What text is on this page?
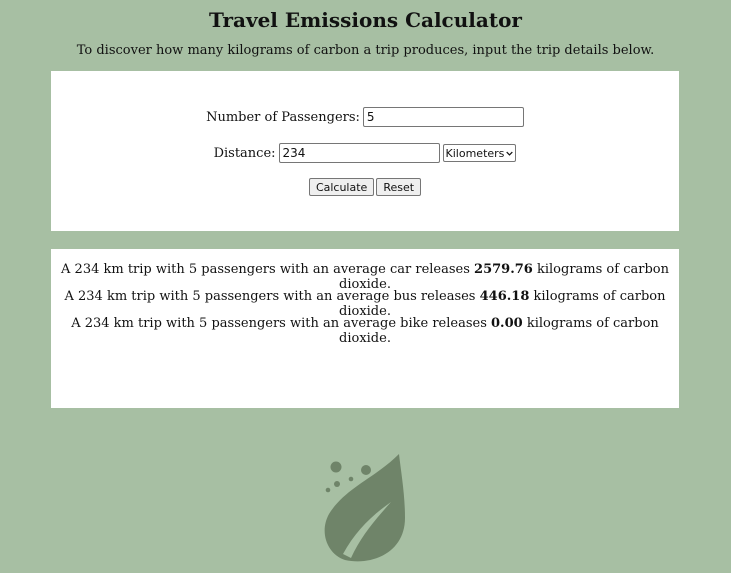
Travel Emissions Calculator

To discover how many kilograms of carbon a trip produces, input the trip details below.

Number of Passengers:
5
Distance:
234	Kilometers
Calculate	Reset
A 234 km trip with 5 passengers with an average car releases 2579.76 kilograms of carbon dioxide.
A 234 km trip with 5 passengers with an average bus releases 446.18 kilograms of carbon dioxide.
A 234 km trip with 5 passengers with an average bike releases 0.00 kilograms of carbon dioxide.
